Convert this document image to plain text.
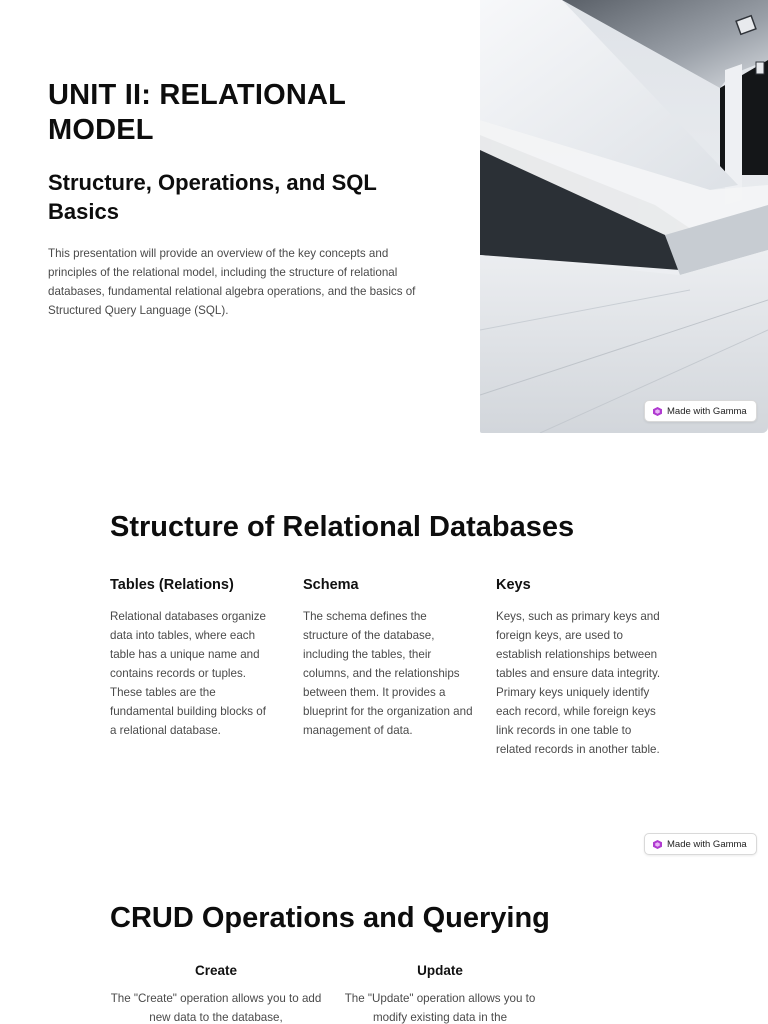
UNIT II: RELATIONAL MODEL
Structure, Operations, and SQL Basics

This presentation will provide an overview of the key concepts and principles of the relational model, including the structure of relational databases, fundamental relational algebra operations, and the basics of Structured Query Language (SQL).

Made with Gamma
Structure of Relational Databases
Tables (Relations)

Relational databases organize data into tables, where each table has a unique name and contains records or tuples. These tables are the fundamental building blocks of a relational database.

Schema

The schema defines the structure of the database, including the tables, their columns, and the relationships between them. It provides a blueprint for the organization and management of data.

Keys

Keys, such as primary keys and foreign keys, are used to establish relationships between tables and ensure data integrity. Primary keys uniquely identify each record, while foreign keys link records in one table to related records in another table.

Made with Gamma
CRUD Operations and Querying
Create

The "Create" operation allows you to add new data to the database,

Update

The "Update" operation allows you to modify existing data in the
